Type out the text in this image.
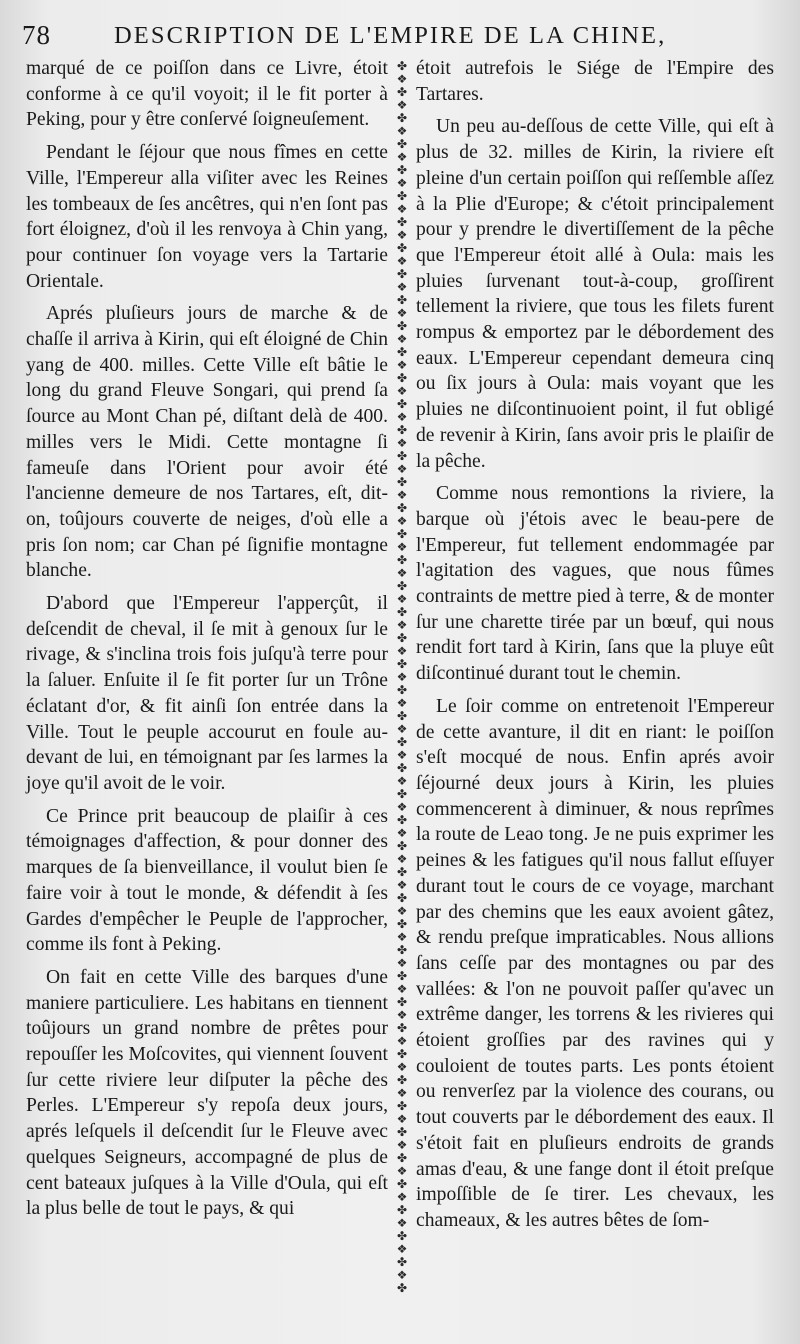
78	DESCRIPTION DE L'EMPIRE DE LA CHINE,

marqué de ce poiſſon dans ce Livre, étoit conforme à ce qu'il voyoit; il le fit porter à Peking, pour y être conſervé ſoigneuſement.

Pendant le ſéjour que nous fîmes en cette Ville, l'Empereur alla viſiter avec les Reines les tombeaux de ſes ancêtres, qui n'en ſont pas fort éloignez, d'où il les renvoya à Chin yang, pour continuer ſon voyage vers la Tartarie Orientale.

Aprés pluſieurs jours de marche & de chaſſe il arriva à Kirin, qui eſt éloigné de Chin yang de 400. milles. Cette Ville eſt bâtie le long du grand Fleuve Songari, qui prend ſa ſource au Mont Chan pé, diſtant delà de 400. milles vers le Midi. Cette montagne ſi fameuſe dans l'Orient pour avoir été l'ancienne demeure de nos Tartares, eſt, dit-on, toûjours couverte de neiges, d'où elle a pris ſon nom; car Chan pé ſignifie montagne blanche.

D'abord que l'Empereur l'apperçût, il deſcendit de cheval, il ſe mit à genoux ſur le rivage, & s'inclina trois fois juſqu'à terre pour la ſaluer. Enſuite il ſe fit porter ſur un Trône éclatant d'or, & fit ainſi ſon entrée dans la Ville. Tout le peuple accourut en foule au-devant de lui, en témoignant par ſes larmes la joye qu'il avoit de le voir.

Ce Prince prit beaucoup de plaiſir à ces témoignages d'affection, & pour donner des marques de ſa bienveillance, il voulut bien ſe faire voir à tout le monde, & défendit à ſes Gardes d'empêcher le Peuple de l'approcher, comme ils font à Peking.

On fait en cette Ville des barques d'une maniere particuliere. Les habitans en tiennent toûjours un grand nombre de prêtes pour repouſſer les Moſcovites, qui viennent ſouvent ſur cette riviere leur diſputer la pêche des Perles. L'Empereur s'y repoſa deux jours, aprés leſquels il deſcendit ſur le Fleuve avec quelques Seigneurs, accompagné de plus de cent bateaux juſques à la Ville d'Oula, qui eſt la plus belle de tout le pays, & qui

✤
❖
✤
❖
✤
❖
✤
❖
✤
❖
✤
❖
✤
❖
✤
❖
✤
❖
✤
❖
✤
❖
✤
❖
✤
❖
✤
❖
✤
❖
✤
❖
✤
❖
✤
❖
✤
❖
✤
❖
✤
❖
✤
❖
✤
❖
✤
❖
✤
❖
✤
❖
✤
❖
✤
❖
✤
❖
✤
❖
✤
❖
✤
❖
✤
❖
✤
❖
✤
❖
✤
❖
✤
❖
✤
❖
✤
❖
✤
❖
✤
❖
✤
❖
✤
❖
✤
❖
✤
❖
✤
❖
✤
❖
✤

étoit autrefois le Siége de l'Empire des Tartares.

Un peu au-deſſous de cette Ville, qui eſt à plus de 32. milles de Kirin, la riviere eſt pleine d'un certain poiſſon qui reſſemble aſſez à la Plie d'Europe; & c'étoit principalement pour y prendre le divertiſſement de la pêche que l'Empereur étoit allé à Oula: mais les pluies ſurvenant tout-à-coup, groſſirent tellement la riviere, que tous les filets furent rompus & emportez par le débordement des eaux. L'Empereur cependant demeura cinq ou ſix jours à Oula: mais voyant que les pluies ne diſcontinuoient point, il fut obligé de revenir à Kirin, ſans avoir pris le plaiſir de la pêche.

Comme nous remontions la riviere, la barque où j'étois avec le beau-pere de l'Empereur, fut tellement endommagée par l'agitation des vagues, que nous fûmes contraints de mettre pied à terre, & de monter ſur une charette tirée par un bœuf, qui nous rendit fort tard à Kirin, ſans que la pluye eût diſcontinué durant tout le chemin.

Le ſoir comme on entretenoit l'Empereur de cette avanture, il dit en riant: le poiſſon s'eſt mocqué de nous. Enfin aprés avoir ſéjourné deux jours à Kirin, les pluies commencerent à diminuer, & nous reprîmes la route de Leao tong. Je ne puis exprimer les peines & les fatigues qu'il nous fallut eſſuyer durant tout le cours de ce voyage, marchant par des chemins que les eaux avoient gâtez, & rendu preſque impraticables. Nous allions ſans ceſſe par des montagnes ou par des vallées: & l'on ne pouvoit paſſer qu'avec un extrême danger, les torrens & les rivieres qui étoient groſſies par des ravines qui y couloient de toutes parts. Les ponts étoient ou renverſez par la violence des courans, ou tout couverts par le débordement des eaux. Il s'étoit fait en pluſieurs endroits de grands amas d'eau, & une fange dont il étoit preſque impoſſible de ſe tirer. Les chevaux, les chameaux, & les autres bêtes de ſom-
